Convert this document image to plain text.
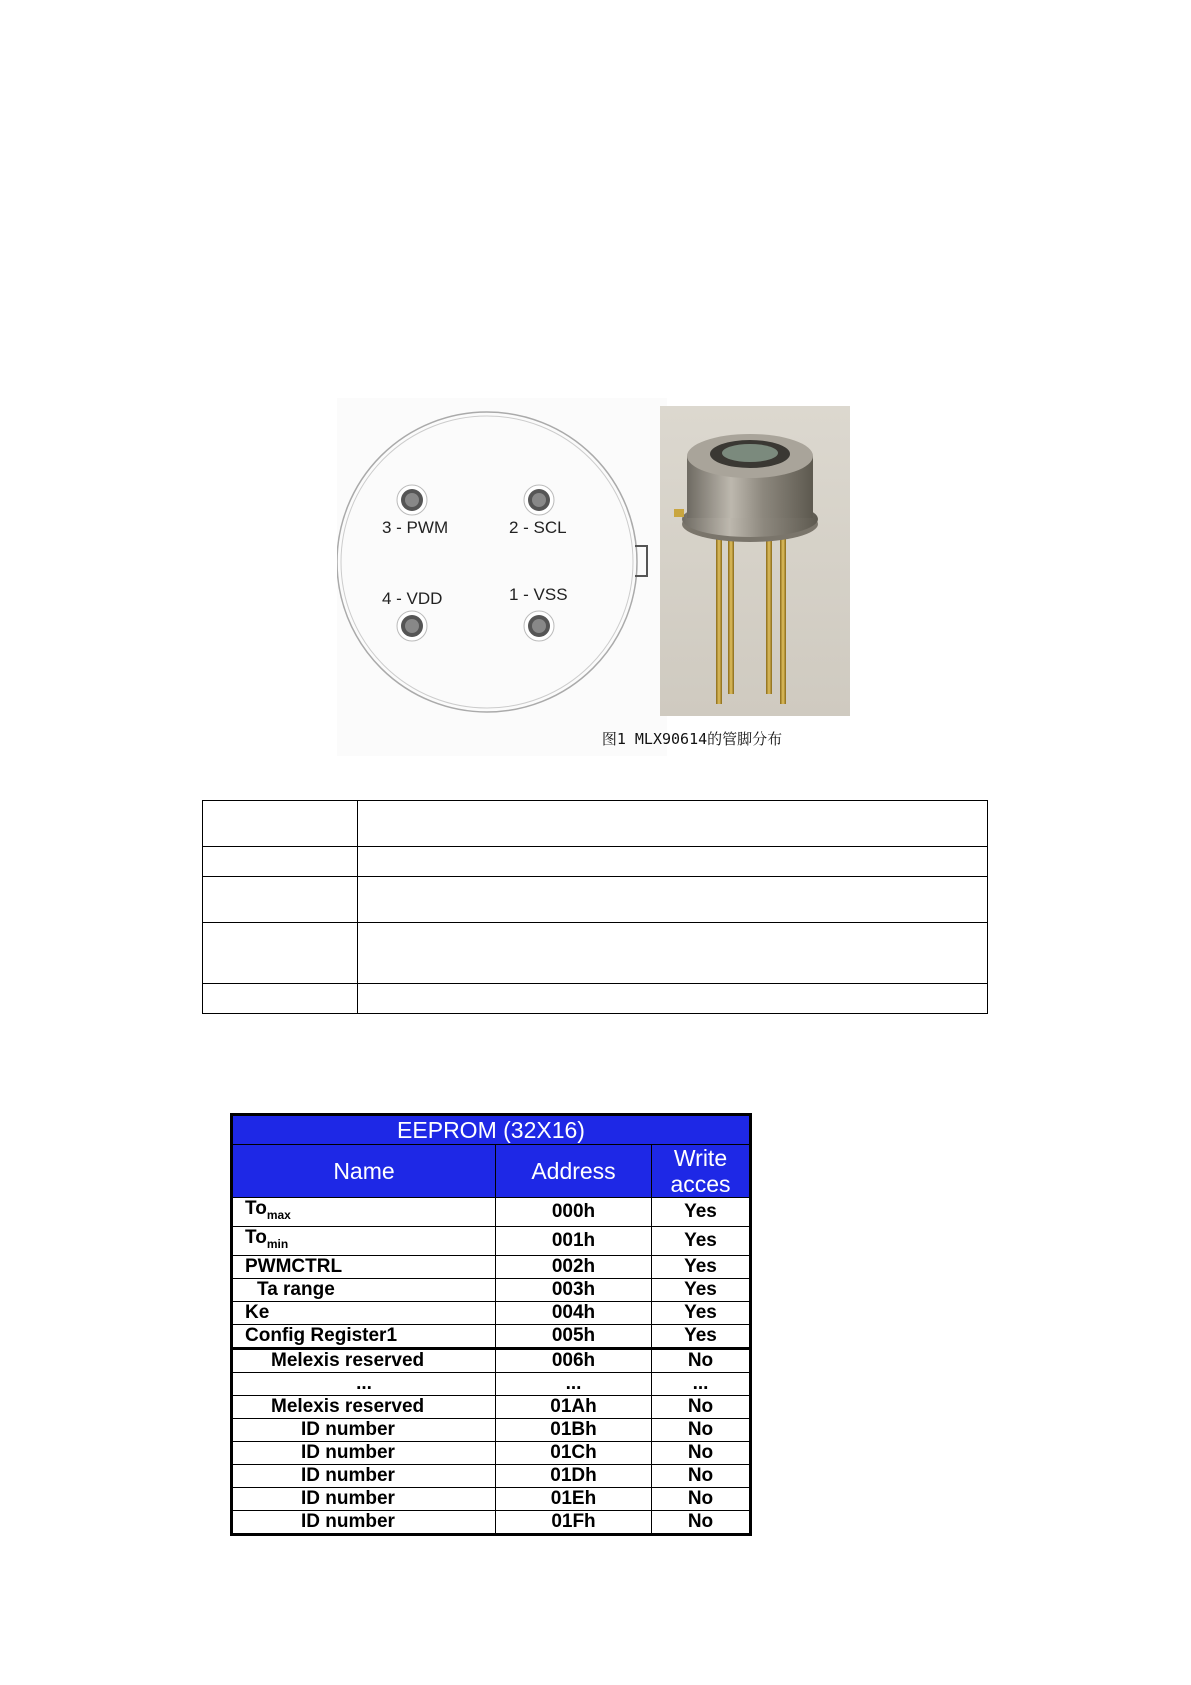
3 - PWM	2 - SCL
4 - VDD	1 - VSS
图1 MLX90614的管脚分布

EEPROM (32X16)		
Name	Address	Write acces
$To_{max}$	000h	Yes
$To_{min}$	001h	Yes
PWMCTRL	002h	Yes
Ta range	003h	Yes
Ke	004h	Yes
Config Register1	005h	Yes
Melexis reserved	006h	No
...	...	...
Melexis reserved	01Ah	No
ID number	01Bh	No
ID number	01Ch	No
ID number	01Dh	No
ID number	01Eh	No
ID number	01Fh	No
